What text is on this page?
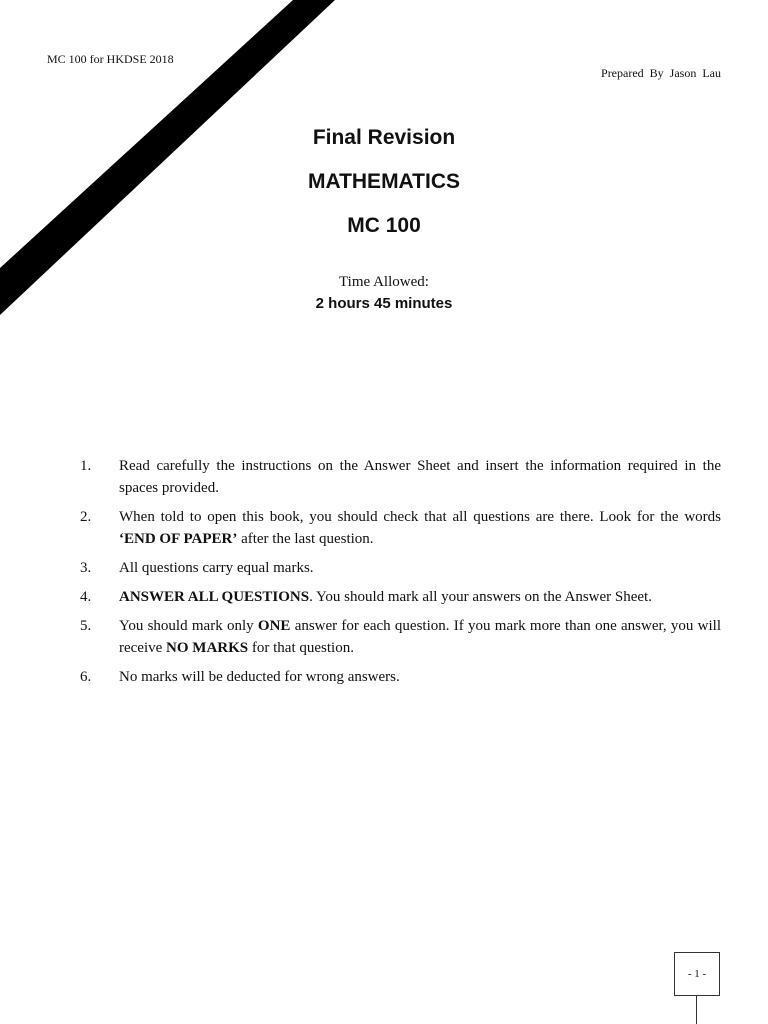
MC 100 for HKDSE 2018
Prepared By Jason Lau
Final Revision
MATHEMATICS
MC 100
Time Allowed:
2 hours 45 minutes
1.	Read carefully the instructions on the Answer Sheet and insert the information required in the spaces provided.
2.	When told to open this book, you should check that all questions are there. Look for the words ‘END OF PAPER’ after the last question.
3.	All questions carry equal marks.
4.	ANSWER ALL QUESTIONS. You should mark all your answers on the Answer Sheet.
5.	You should mark only ONE answer for each question. If you mark more than one answer, you will receive NO MARKS for that question.
6.	No marks will be deducted for wrong answers.
- 1 -
